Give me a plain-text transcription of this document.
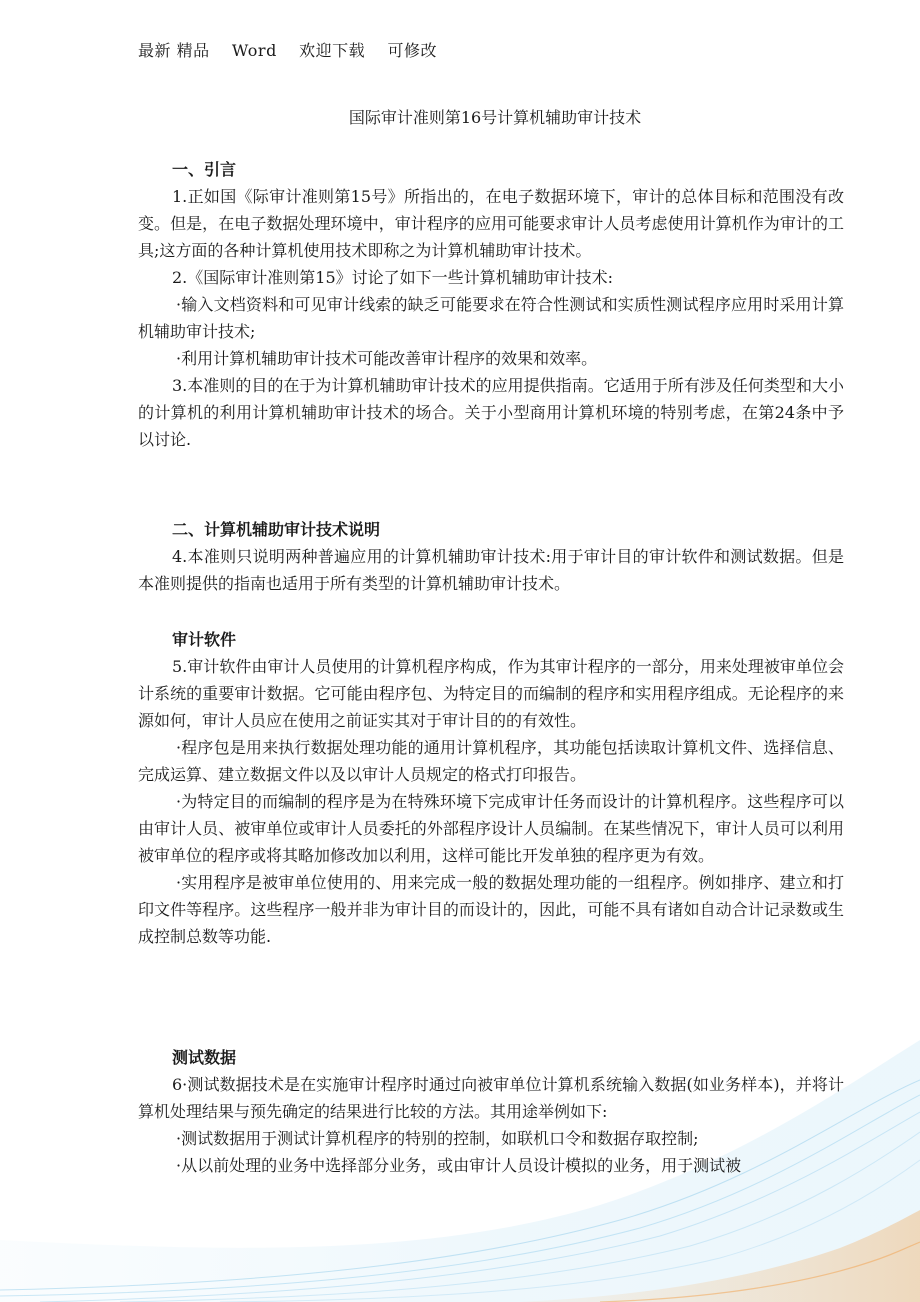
最新 精品    Word    欢迎下载    可修改
国际审计准则第16号计算机辅助审计技术

一、引言

1.正如国《际审计准则第15号》所指出的，在电子数据环境下，审计的总体目标和范围没有改变。但是，在电子数据处理环境中，审计程序的应用可能要求审计人员考虑使用计算机作为审计的工具;这方面的各种计算机使用技术即称之为计算机辅助审计技术。

2.《国际审计准则第15》讨论了如下一些计算机辅助审计技术:

·输入文档资料和可见审计线索的缺乏可能要求在符合性测试和实质性测试程序应用时采用计算机辅助审计技术;

·利用计算机辅助审计技术可能改善审计程序的效果和效率。

3.本准则的目的在于为计算机辅助审计技术的应用提供指南。它适用于所有涉及任何类型和大小的计算机的利用计算机辅助审计技术的场合。关于小型商用计算机环境的特别考虑，在第24条中予以讨论.

二、计算机辅助审计技术说明

4.本准则只说明两种普遍应用的计算机辅助审计技术:用于审计目的审计软件和测试数据。但是本准则提供的指南也适用于所有类型的计算机辅助审计技术。

审计软件

5.审计软件由审计人员使用的计算机程序构成，作为其审计程序的一部分，用来处理被审单位会计系统的重要审计数据。它可能由程序包、为特定目的而编制的程序和实用程序组成。无论程序的来源如何，审计人员应在使用之前证实其对于审计目的的有效性。

·程序包是用来执行数据处理功能的通用计算机程序，其功能包括读取计算机文件、选择信息、完成运算、建立数据文件以及以审计人员规定的格式打印报告。

·为特定目的而编制的程序是为在特殊环境下完成审计任务而设计的计算机程序。这些程序可以由审计人员、被审单位或审计人员委托的外部程序设计人员编制。在某些情况下，审计人员可以利用被审单位的程序或将其略加修改加以利用，这样可能比开发单独的程序更为有效。

·实用程序是被审单位使用的、用来完成一般的数据处理功能的一组程序。例如排序、建立和打印文件等程序。这些程序一般并非为审计目的而设计的，因此，可能不具有诸如自动合计记录数或生成控制总数等功能.

测试数据

6·测试数据技术是在实施审计程序时通过向被审单位计算机系统输入数据(如业务样本)，并将计算机处理结果与预先确定的结果进行比较的方法。其用途举例如下:

·测试数据用于测试计算机程序的特别的控制，如联机口令和数据存取控制;

·从以前处理的业务中选择部分业务，或由审计人员设计模拟的业务，用于测试被
